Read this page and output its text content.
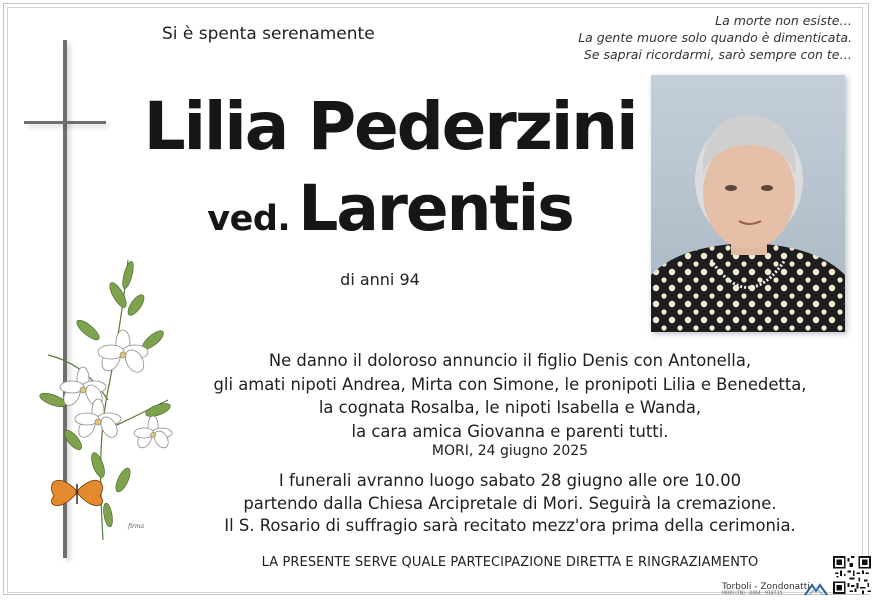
firma
Si è spenta serenamente
La morte non esiste…
La gente muore solo quando è dimenticata.
Se saprai ricordarmi, sarò sempre con te…
Lilia Pederzini
ved. Larentis
di anni 94
Ne danno il doloroso annuncio il figlio Denis con Antonella,
gli amati nipoti Andrea, Mirta con Simone, le pronipoti Lilia e Benedetta,
la cognata Rosalba, le nipoti Isabella e Wanda,
la cara amica Giovanna e parenti tutti.
MORI, 24 giugno 2025
I funerali avranno luogo sabato 28 giugno alle ore 10.00
partendo dalla Chiesa Arcipretale di Mori. Seguirà la cremazione.
Il S. Rosario di suffragio sarà recitato mezz'ora prima della cerimonia.
LA PRESENTE SERVE QUALE PARTECIPAZIONE DIRETTA E RINGRAZIAMENTO
Torboli - Zondonatti
MORI (TN) · 0464 - 918715
